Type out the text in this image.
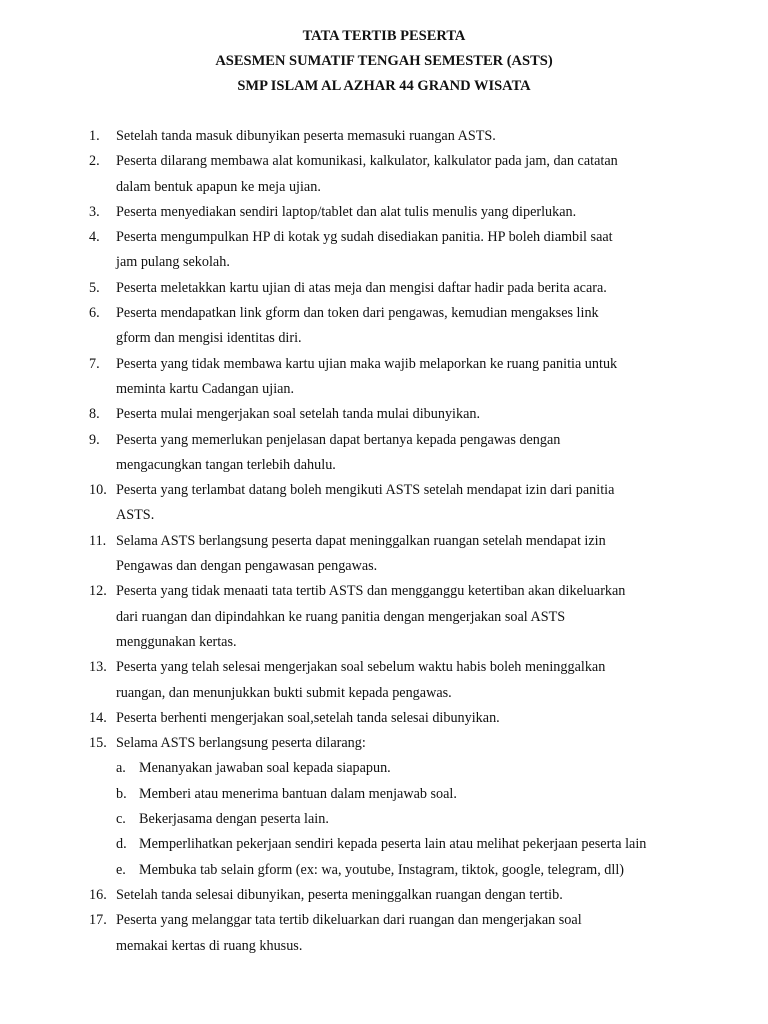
TATA TERTIB PESERTA
ASESMEN SUMATIF TENGAH SEMESTER (ASTS)
SMP ISLAM AL AZHAR 44 GRAND WISATA
1.	Setelah tanda masuk dibunyikan peserta memasuki ruangan ASTS.
2.	Peserta dilarang membawa alat komunikasi, kalkulator, kalkulator pada jam, dan catatan
dalam bentuk apapun ke meja ujian.
3.	Peserta menyediakan sendiri laptop/tablet dan alat tulis menulis yang diperlukan.
4.	Peserta mengumpulkan HP di kotak yg sudah disediakan panitia. HP boleh diambil saat
jam pulang sekolah.
5.	Peserta meletakkan kartu ujian di atas meja dan mengisi daftar hadir pada berita acara.
6.	Peserta mendapatkan link gform dan token dari pengawas, kemudian mengakses link
gform dan mengisi identitas diri.
7.	Peserta yang tidak membawa kartu ujian maka wajib melaporkan ke ruang panitia untuk
meminta kartu Cadangan ujian.
8.	Peserta mulai mengerjakan soal setelah tanda mulai dibunyikan.
9.	Peserta yang memerlukan penjelasan dapat bertanya kepada pengawas dengan
mengacungkan tangan terlebih dahulu.
10. Peserta yang terlambat datang boleh mengikuti ASTS setelah mendapat izin dari panitia
ASTS.
11. Selama ASTS berlangsung peserta dapat meninggalkan ruangan setelah mendapat izin
Pengawas dan dengan pengawasan pengawas.
12. Peserta yang tidak menaati tata tertib ASTS dan mengganggu ketertiban akan dikeluarkan
dari ruangan dan dipindahkan ke ruang panitia dengan mengerjakan soal ASTS
menggunakan kertas.
13. Peserta yang telah selesai mengerjakan soal sebelum waktu habis boleh meninggalkan
ruangan, dan menunjukkan bukti submit kepada pengawas.
14. Peserta berhenti mengerjakan soal,setelah tanda selesai dibunyikan.
15. Selama ASTS berlangsung peserta dilarang:
a. Menanyakan jawaban soal kepada siapapun.
b. Memberi atau menerima bantuan dalam menjawab soal.
c. Bekerjasama dengan peserta lain.
d. Memperlihatkan pekerjaan sendiri kepada peserta lain atau melihat pekerjaan peserta lain
e. Membuka tab selain gform (ex: wa, youtube, Instagram, tiktok, google, telegram, dll)
16. Setelah tanda selesai dibunyikan, peserta meninggalkan ruangan dengan tertib.
17. Peserta yang melanggar tata tertib dikeluarkan dari ruangan dan mengerjakan soal
memakai kertas di ruang khusus.
